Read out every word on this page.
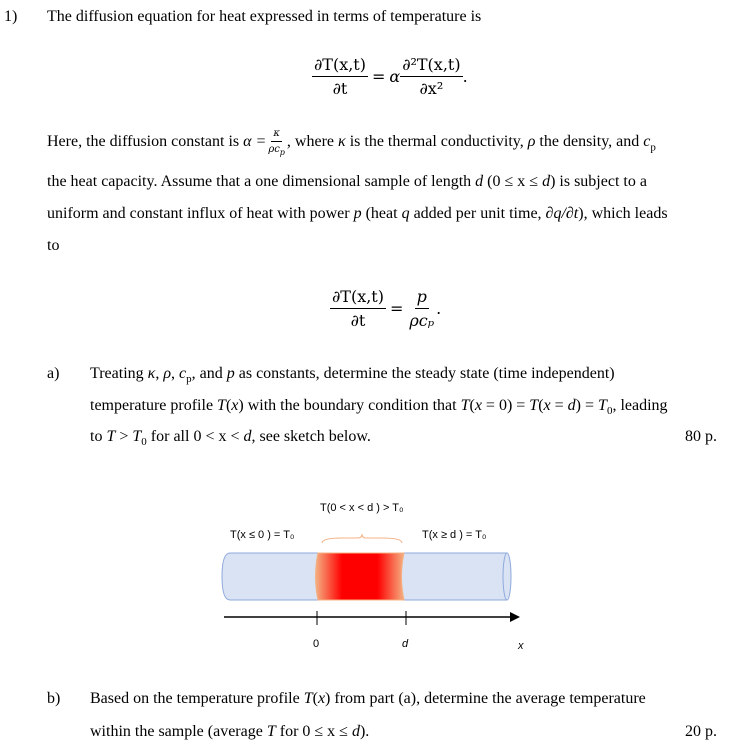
1) The diffusion equation for heat expressed in terms of temperature is
$\frac{\partial T(x,t)}{\partial t} = \alpha \frac{\text{∂²T(x,t)}}{\text{∂x²}}$ .
Here, the diffusion constant is $\alpha = \frac{\kappa}{\rho c_p}$ , where κ is the thermal conductivity, ρ the density, and $c_p$
the heat capacity. Assume that a one dimensional sample of length d (0 ≤ x ≤ d) is subject to a
uniform and constant influx of heat with power p (heat q added per unit time, ∂q/∂t), which leads
to
$\frac{\partial T(x,t)}{\partial t} = \frac{p}{\text{ρcₚ}}$ .
a) Treating κ, ρ, $c_p$, and p as constants, determine the steady state (time independent)
temperature profile T(x) with the boundary condition that $T(x = 0) = T(x = d) = T_0$, leading
to $T > T_0$ for all 0 < x < d, see sketch below.	80 p.
T(0 < x < d ) > T₀
T(x ≤ 0 ) = T₀	T(x ≥ d ) = T₀
0	d	x
b) Based on the temperature profile T(x) from part (a), determine the average temperature
within the sample (average T for 0 ≤ x ≤ d).	20 p.
